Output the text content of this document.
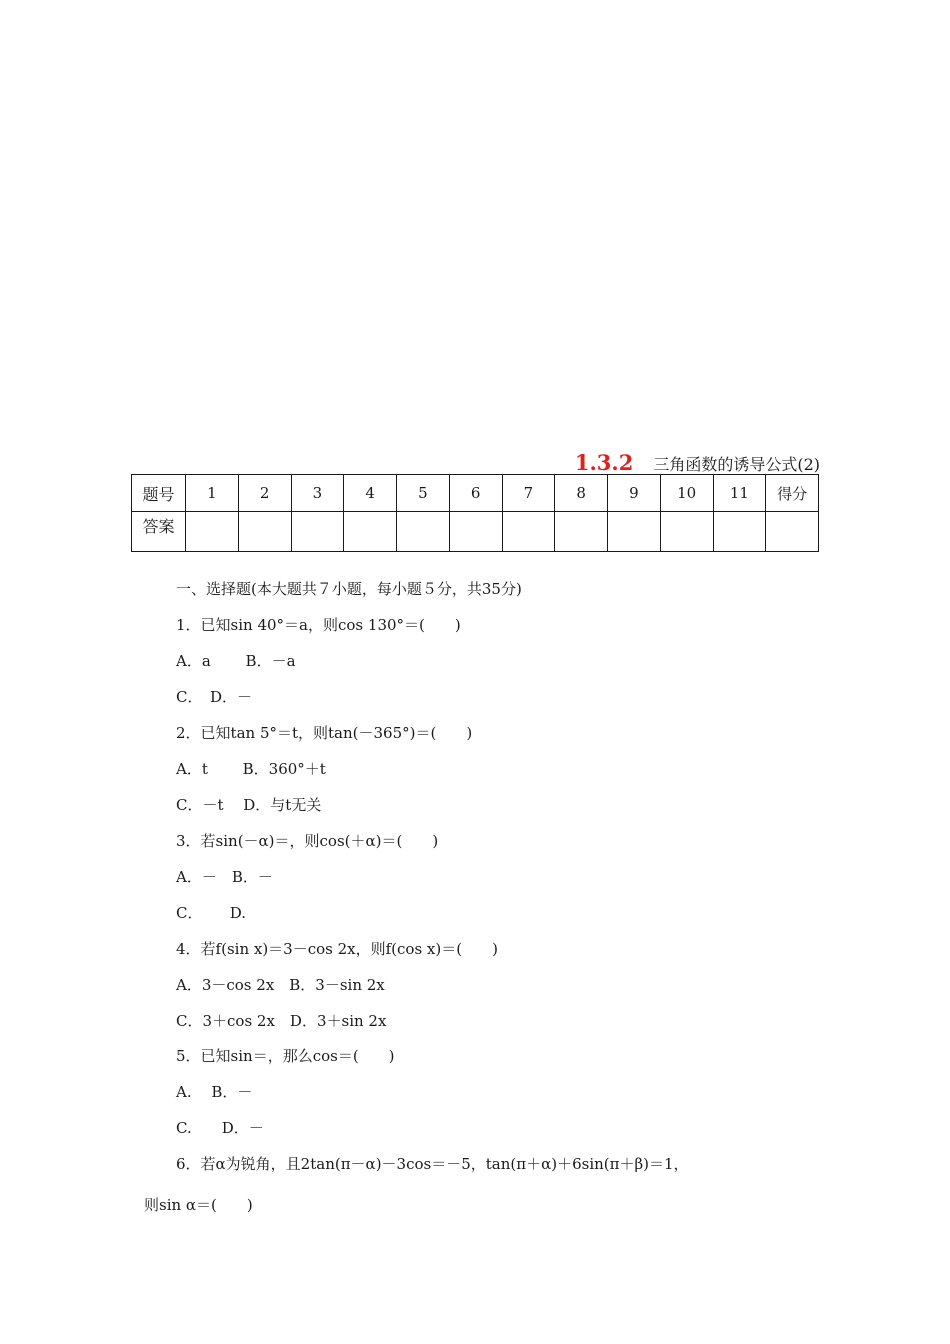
1.3.2 三角函数的诱导公式(2)
题号	1	2	3	4	5	6	7	8	9	10	11	得分
答案												
一、选择题(本大题共７小题，每小题５分，共35分)
1．已知sin 40°＝a，则cos 130°＝(　　)
A．a　　 B．－a
C．　D．－
2．已知tan 5°＝t，则tan(－365°)＝(　　)
A．t　　 B．360°＋t
C．－t　 D．与t无关
3．若sin(－α)＝，则cos(＋α)＝(　　)
A．－　B．－
C．　　 D.
4．若f(sin x)＝3－cos 2x，则f(cos x)＝(　　)
A．3－cos 2x　B．3－sin 2x
C．3＋cos 2x　D．3＋sin 2x
5．已知sin＝，那么cos＝(　　)
A.　 B．－
C.　　D．－
6．若α为锐角，且2tan(π－α)－3cos＝－5，tan(π＋α)＋6sin(π＋β)＝1，
则sin α＝(　　)
